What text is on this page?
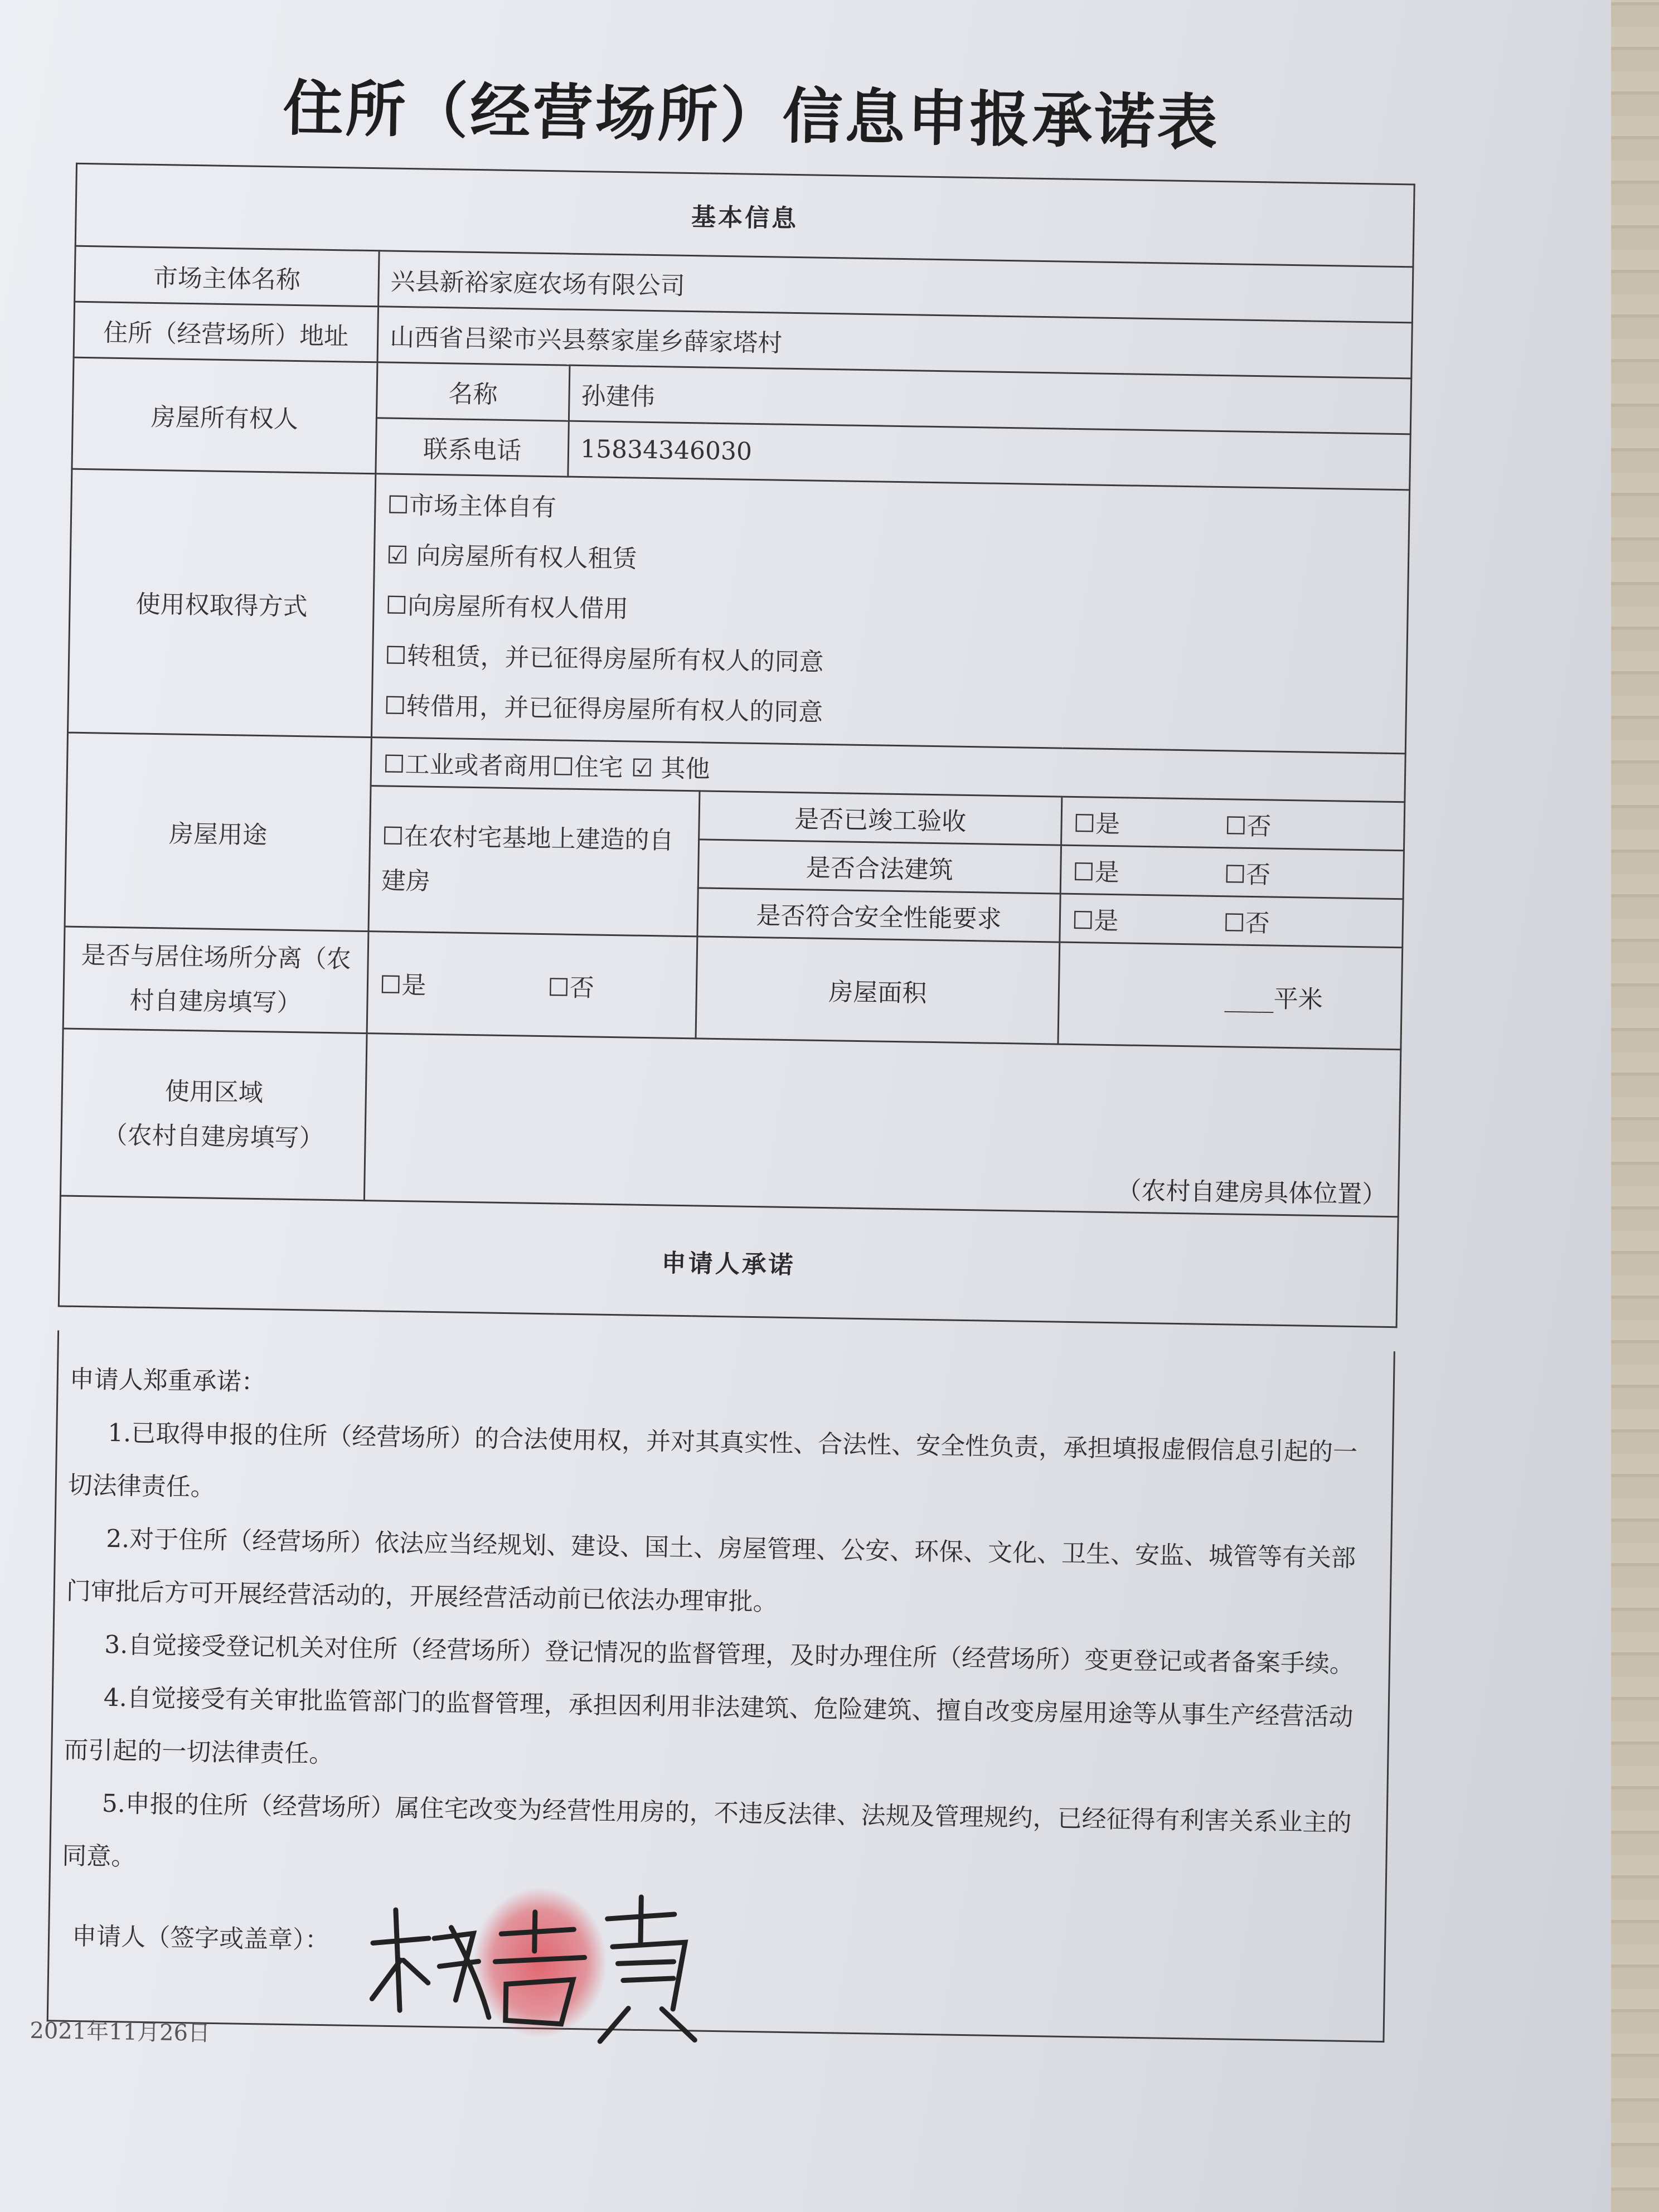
住所（经营场所）信息申报承诺表
基本信息				
市场主体名称	兴县新裕家庭农场有限公司			
住所（经营场所）地址	山西省吕梁市兴县蔡家崖乡薛家塔村			
房屋所有权人	名称	孙建伟		
	联系电话	15834346030		
使用权取得方式	☐市场主体自有
☑ 向房屋所有权人租赁
☐向房屋所有权人借用
☐转租赁，并已征得房屋所有权人的同意
☐转借用，并已征得房屋所有权人的同意			

房屋用途	☐工业或者商用☐住宅 ☑ 其他			
	☐在农村宅基地上建造的自建房		是否已竣工验收	☐是 ☐否
			是否合法建筑	☐是 ☐否
			是否符合安全性能要求	☐是 ☐否
是否与居住场所分离（农村自建房填写）	☐是 ☐否		房屋面积	____平米

使用区域
（农村自建房填写）	（农村自建房具体位置）			
申请人承诺				

申请人郑重承诺：

1.已取得申报的住所（经营场所）的合法使用权，并对其真实性、合法性、安全性负责，承担填报虚假信息引起的一切法律责任。

2.对于住所（经营场所）依法应当经规划、建设、国土、房屋管理、公安、环保、文化、卫生、安监、城管等有关部门审批后方可开展经营活动的，开展经营活动前已依法办理审批。

3.自觉接受登记机关对住所（经营场所）登记情况的监督管理，及时办理住所（经营场所）变更登记或者备案手续。

4.自觉接受有关审批监管部门的监督管理，承担因利用非法建筑、危险建筑、擅自改变房屋用途等从事生产经营活动而引起的一切法律责任。

5.申报的住所（经营场所）属住宅改变为经营性用房的，不违反法律、法规及管理规约，已经征得有利害关系业主的同意。

申请人（签字或盖章）：
2021年11月26日
